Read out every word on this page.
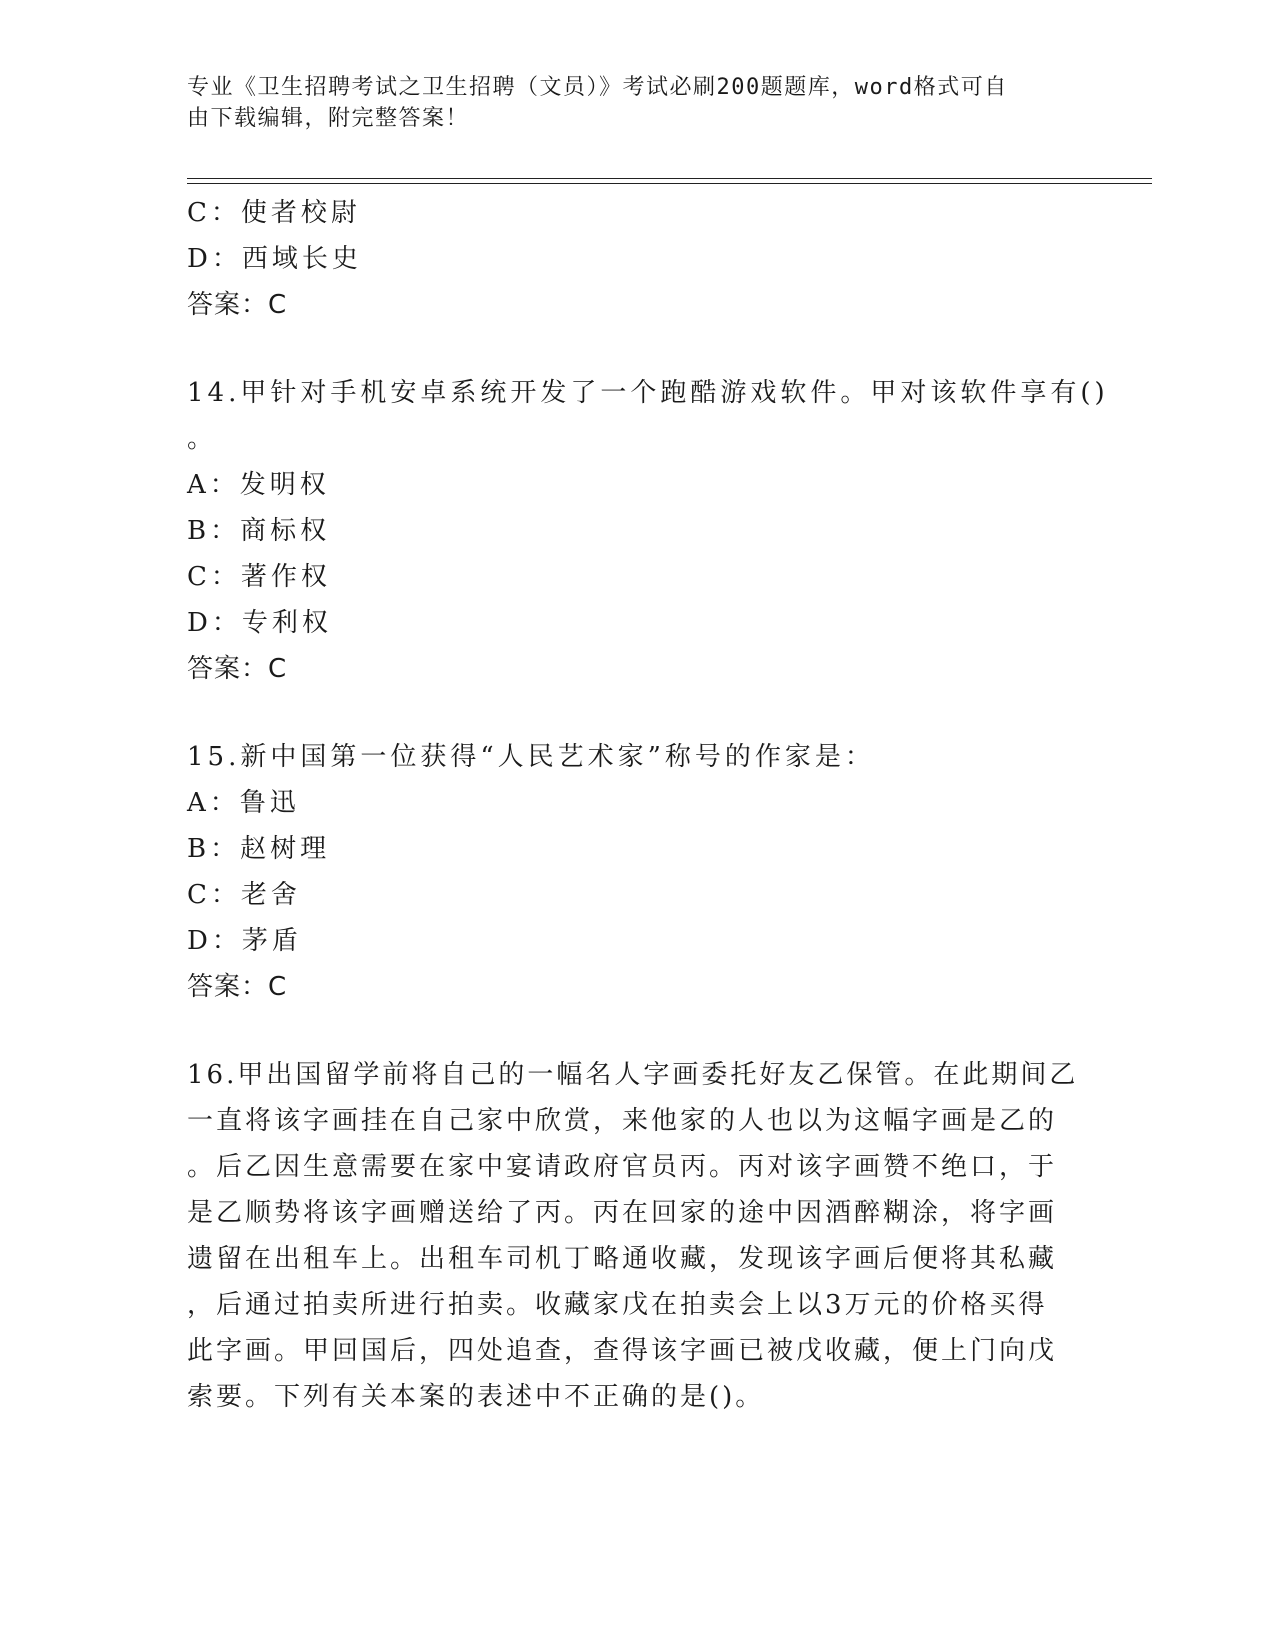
专业《卫生招聘考试之卫生招聘（文员）》考试必刷200题题库，word格式可自
由下载编辑，附完整答案！
C：使者校尉
D：西域长史
答案：C
14.甲针对手机安卓系统开发了一个跑酷游戏软件。甲对该软件享有()
。
A：发明权
B：商标权
C：著作权
D：专利权
答案：C
15.新中国第一位获得“人民艺术家”称号的作家是：
A：鲁迅
B：赵树理
C：老舍
D：茅盾
答案：C
16.甲出国留学前将自己的一幅名人字画委托好友乙保管。在此期间乙
一直将该字画挂在自己家中欣赏，来他家的人也以为这幅字画是乙的
。后乙因生意需要在家中宴请政府官员丙。丙对该字画赞不绝口，于
是乙顺势将该字画赠送给了丙。丙在回家的途中因酒醉糊涂，将字画
遗留在出租车上。出租车司机丁略通收藏，发现该字画后便将其私藏
，后通过拍卖所进行拍卖。收藏家戊在拍卖会上以3万元的价格买得
此字画。甲回国后，四处追查，查得该字画已被戊收藏，便上门向戊
索要。下列有关本案的表述中不正确的是()。
